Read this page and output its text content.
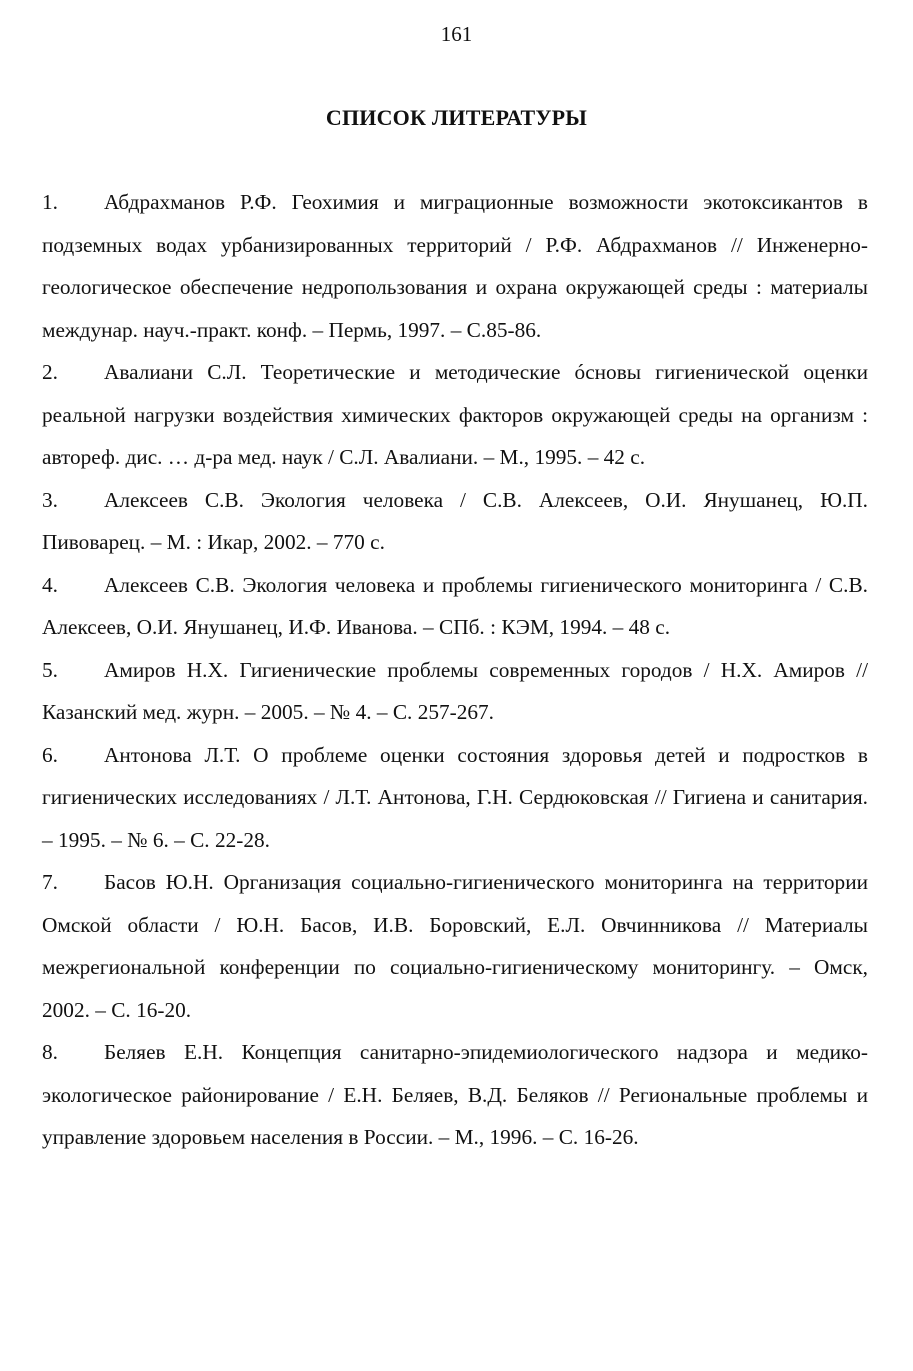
161
СПИСОК ЛИТЕРАТУРЫ

1. Абдрахманов Р.Ф. Геохимия и миграционные возможности экотоксикантов в подземных водах урбанизированных территорий / Р.Ф. Абдрахманов // Инженерно-геологическое обеспечение недропользования и охрана окружающей среды : материалы междунар. науч.-практ. конф. – Пермь, 1997. – С.85-86.

2. Авалиани С.Л. Теоретические и методические óсновы гигиенической оценки реальной нагрузки воздействия химических факторов окружающей среды на организм : автореф. дис. … д-ра мед. наук / С.Л. Авалиани. – М., 1995. – 42 с.

3. Алексеев С.В. Экология человека / С.В. Алексеев, О.И. Янушанец, Ю.П. Пивоварец. – М. : Икар, 2002. – 770 с.

4. Алексеев С.В. Экология человека и проблемы гигиенического мониторинга / С.В. Алексеев, О.И. Янушанец, И.Ф. Иванова. – СПб. : КЭМ, 1994. – 48 с.

5. Амиров Н.Х. Гигиенические проблемы современных городов / Н.Х. Амиров // Казанский мед. журн. – 2005. – № 4. – С. 257-267.

6. Антонова Л.Т. О проблеме оценки состояния здоровья детей и подростков в гигиенических исследованиях / Л.Т. Антонова, Г.Н. Сердюковская // Гигиена и санитария. – 1995. – № 6. – С. 22-28.

7. Басов Ю.Н. Организация социально-гигиенического мониторинга на территории Омской области / Ю.Н. Басов, И.В. Боровский, Е.Л. Овчинникова // Материалы межрегиональной конференции по социально-гигиеническому мониторингу. – Омск, 2002. – С. 16-20.

8. Беляев Е.Н. Концепция санитарно-эпидемиологического надзора и медико-экологическое районирование / Е.Н. Беляев, В.Д. Беляков // Региональные проблемы и управление здоровьем населения в России. – М., 1996. – С. 16-26.
